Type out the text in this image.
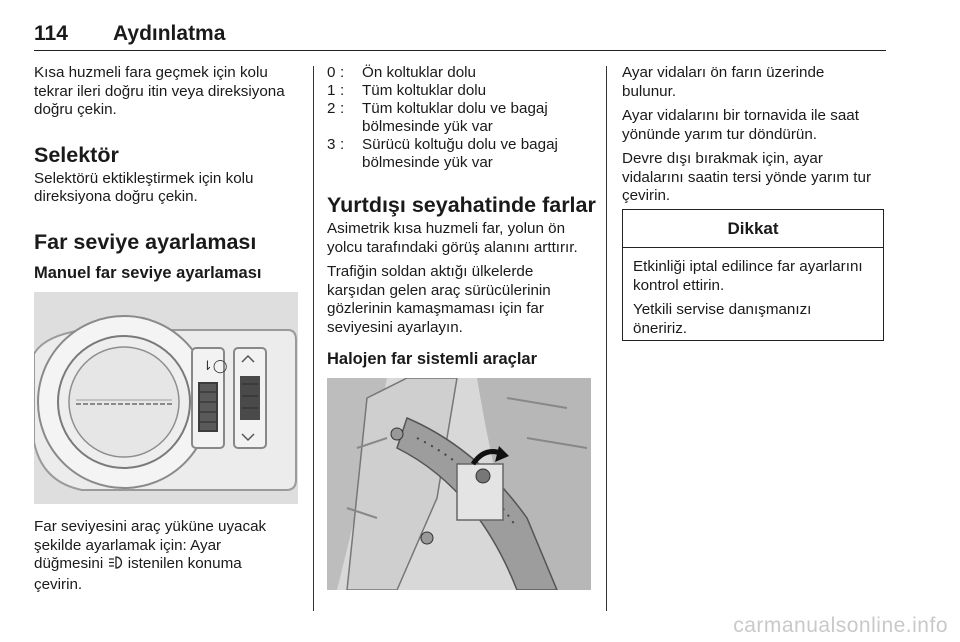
114 Aydınlatma

Kısa huzmeli fara geçmek için kolu
tekrar ileri doğru itin veya direksiyona
doğru çekin.

Selektör

Selektörü ektikleştirmek için kolu
direksiyona doğru çekin.

Far seviye ayarlaması

Manuel far seviye ayarlaması

⇂◯

Far seviyesini araç yüküne uyacak
şekilde ayarlamak için: Ayar
düğmesini istenilen konuma
çevirin.

0 : Ön koltuklar dolu
1 : Tüm koltuklar dolu
2 : Tüm koltuklar dolu ve bagaj
bölmesinde yük var
3 : Sürücü koltuğu dolu ve bagaj
bölmesinde yük var

Yurtdışı seyahatinde farlar

Asimetrik kısa huzmeli far, yolun ön
yolcu tarafındaki görüş alanını arttırır.

Trafiğin soldan aktığı ülkelerde
karşıdan gelen araç sürücülerinin
gözlerinin kamaşmaması için far
seviyesini ayarlayın.

Halojen far sistemli araçlar

Ayar vidaları ön farın üzerinde
bulunur.

Ayar vidalarını bir tornavida ile saat
yönünde yarım tur döndürün.

Devre dışı bırakmak için, ayar
vidalarını saatin tersi yönde yarım tur
çevirin.

Dikkat

Etkinliği iptal edilince far ayarlarını
kontrol ettirin.

Yetkili servise danışmanızı
öneririz.

carmanualsonline.info
